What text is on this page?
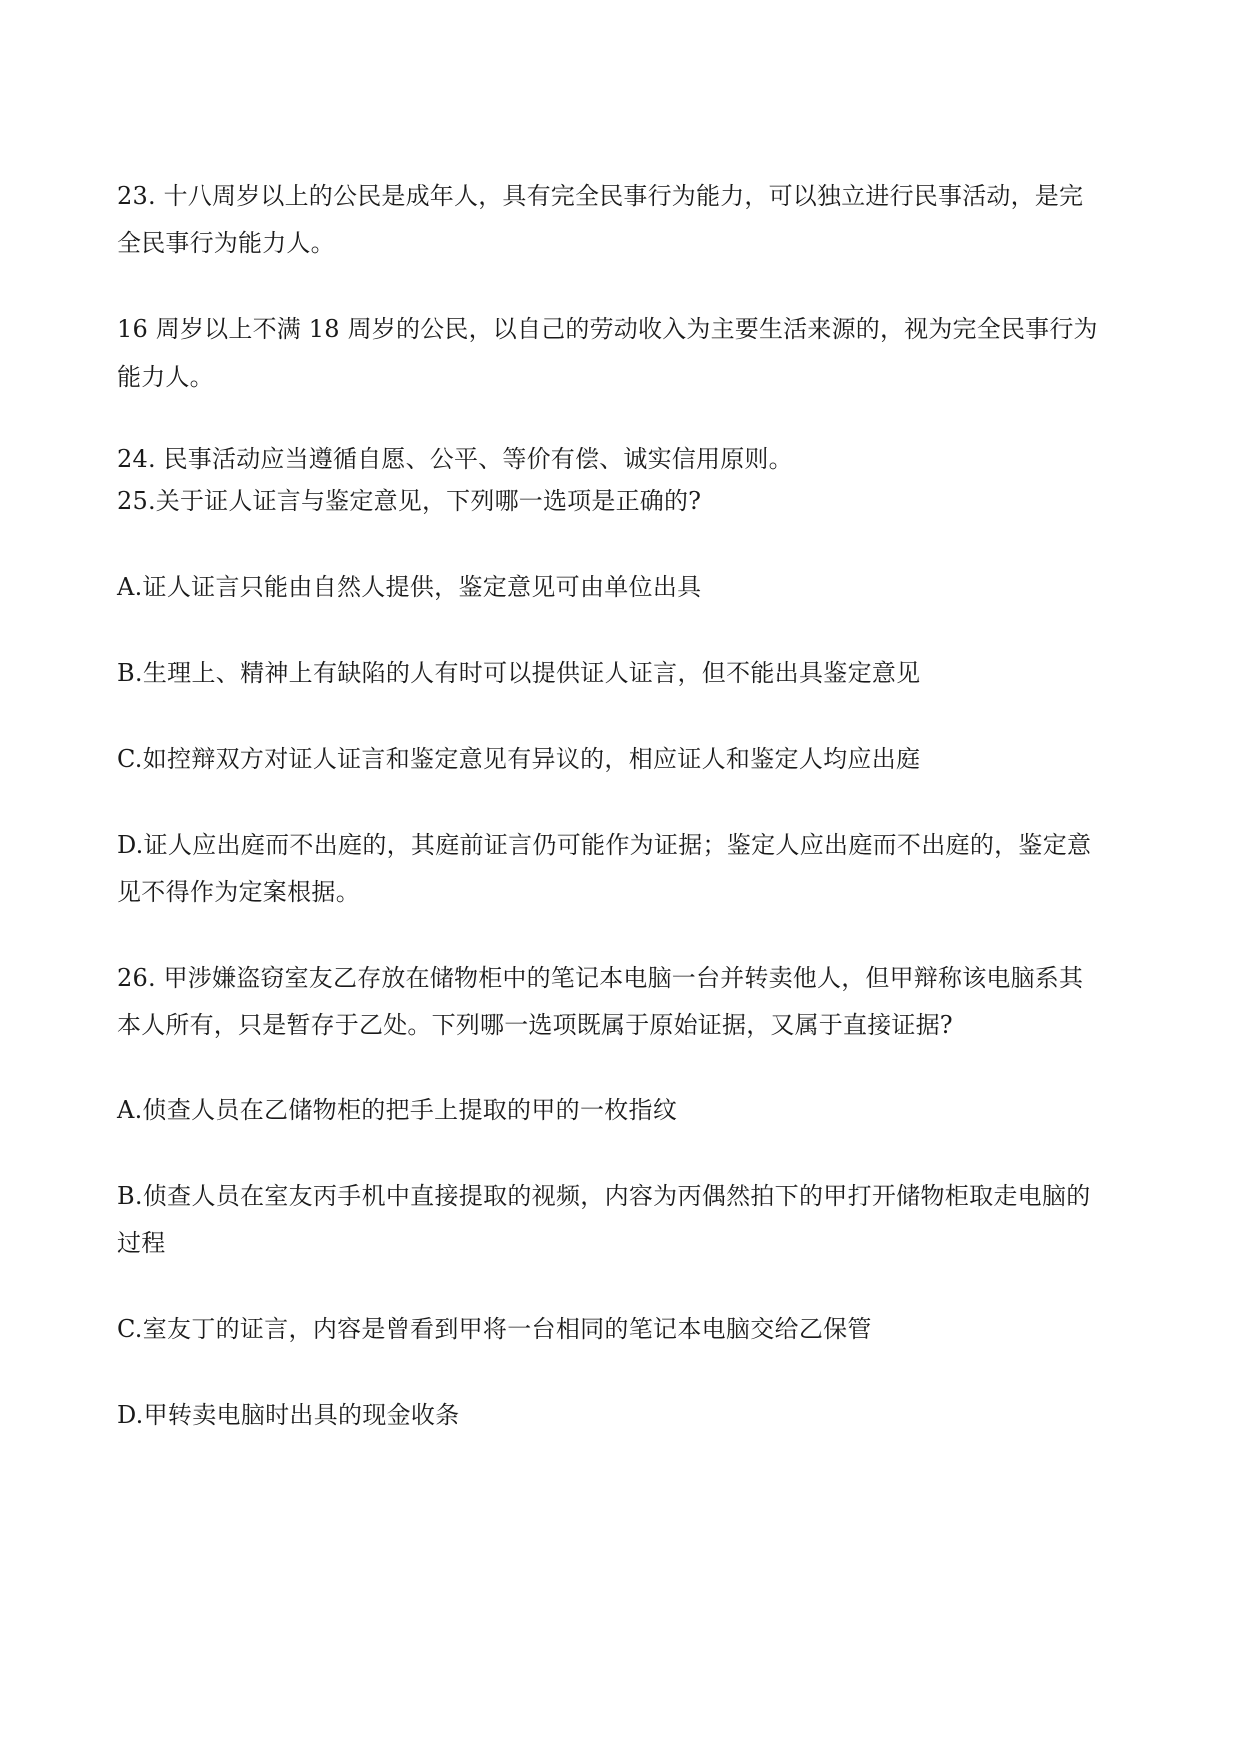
23. 十八周岁以上的公民是成年人，具有完全民事行为能力，可以独立进行民事活动，是完

全民事行为能力人。

16 周岁以上不满 18 周岁的公民，以自己的劳动收入为主要生活来源的，视为完全民事行为

能力人。

24. 民事活动应当遵循自愿、公平、等价有偿、诚实信用原则。

25.关于证人证言与鉴定意见，下列哪一选项是正确的?

A.证人证言只能由自然人提供，鉴定意见可由单位出具

B.生理上、精神上有缺陷的人有时可以提供证人证言，但不能出具鉴定意见

C.如控辩双方对证人证言和鉴定意见有异议的，相应证人和鉴定人均应出庭

D.证人应出庭而不出庭的，其庭前证言仍可能作为证据；鉴定人应出庭而不出庭的，鉴定意

见不得作为定案根据。

26. 甲涉嫌盗窃室友乙存放在储物柜中的笔记本电脑一台并转卖他人，但甲辩称该电脑系其

本人所有，只是暂存于乙处。下列哪一选项既属于原始证据，又属于直接证据?

A.侦查人员在乙储物柜的把手上提取的甲的一枚指纹

B.侦查人员在室友丙手机中直接提取的视频，内容为丙偶然拍下的甲打开储物柜取走电脑的

过程

C.室友丁的证言，内容是曾看到甲将一台相同的笔记本电脑交给乙保管

D.甲转卖电脑时出具的现金收条
